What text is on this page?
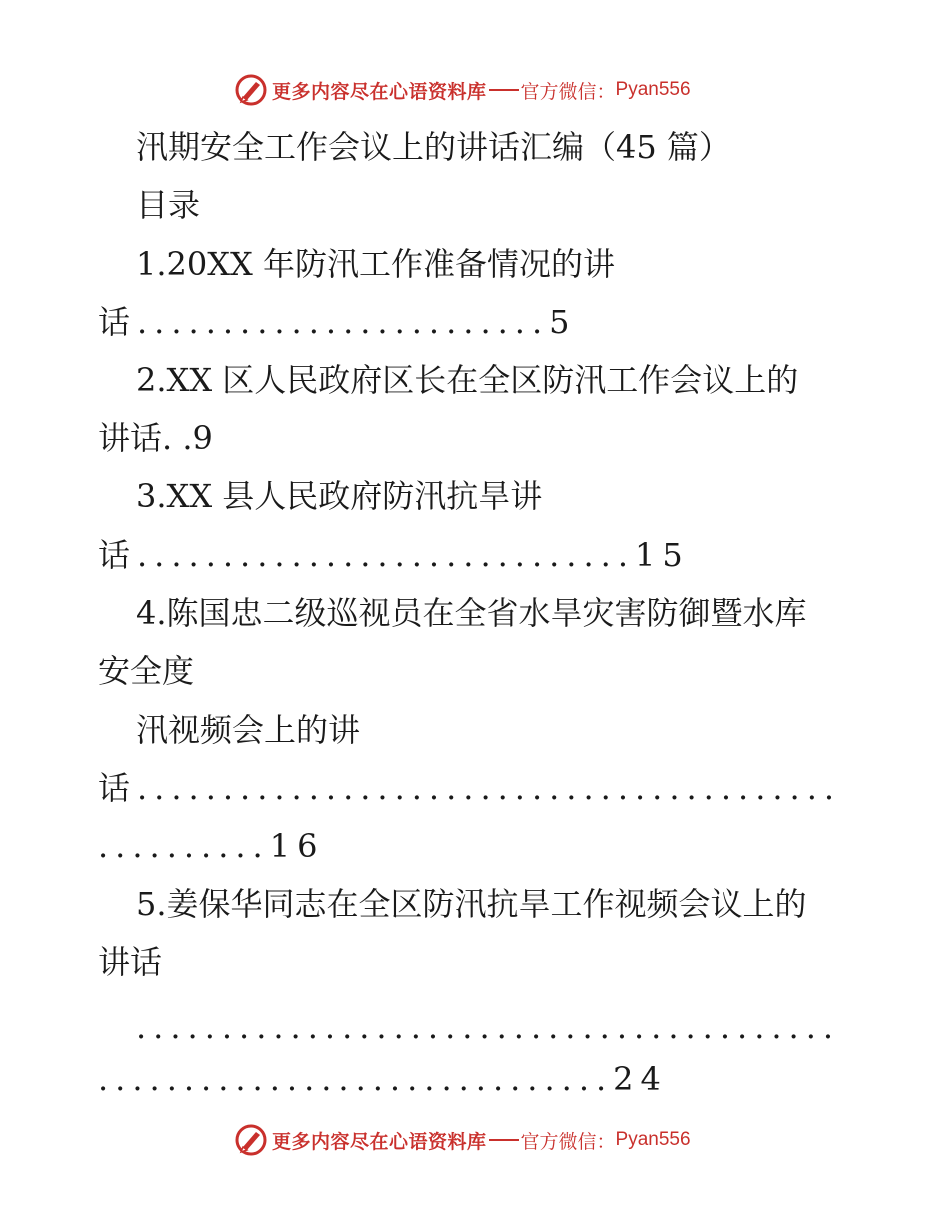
更多内容尽在心语资料库 官方微信： Pyan556
汛期安全工作会议上的讲话汇编（45 篇）
目录
1.20XX 年防汛工作准备情况的讲
话........................5
2.XX 区人民政府区长在全区防汛工作会议上的
讲话. .9
3.XX 县人民政府防汛抗旱讲
话.............................15
4.陈国忠二级巡视员在全省水旱灾害防御暨水库
安全度
汛视频会上的讲
话.........................................
..........16
5.姜保华同志在全区防汛抗旱工作视频会议上的
讲话
.........................................
..............................24
更多内容尽在心语资料库 官方微信： Pyan556
